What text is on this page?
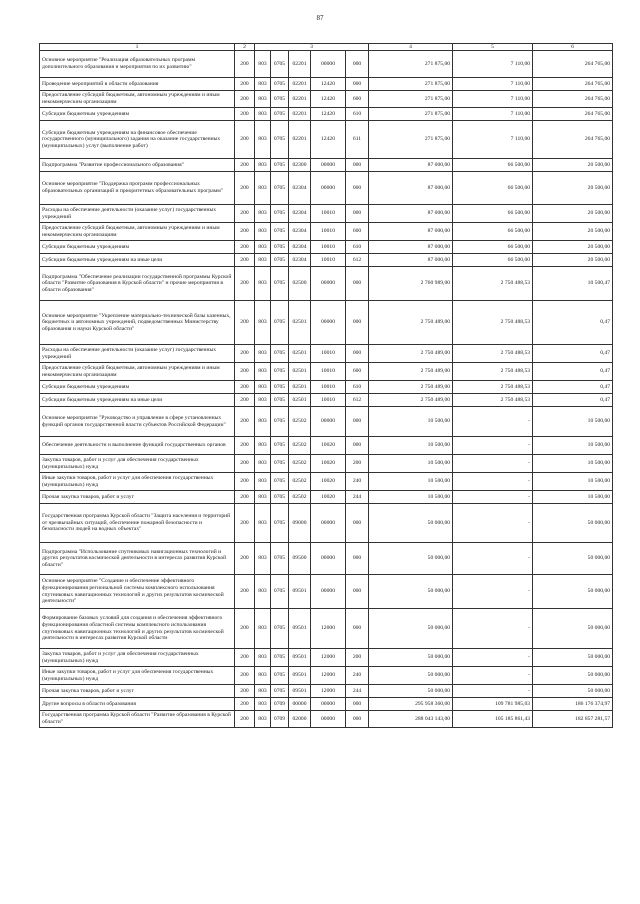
87
1	2	3					4	5	6
Основное мероприятие "Реализация образовательных программ дополнительного образования и мероприятия по их развитию"	200	803	0705	02201	00000	000	271 875,00	7 110,00	264 765,00
Проведение мероприятий в области образования	200	803	0705	02201	12420	000	271 875,00	7 110,00	264 765,00
Предоставление субсидий бюджетным, автономным учреждениям и иным некоммерческим организациям	200	803	0705	02201	12420	600	271 875,00	7 110,00	264 765,00
Субсидии бюджетным учреждениям	200	803	0705	02201	12420	610	271 875,00	7 110,00	264 765,00
Субсидии бюджетным учреждениям на финансовое обеспечение государственного (муниципального) задания на оказание государственных (муниципальных) услуг (выполнение работ)	200	803	0705	02201	12420	611	271 875,00	7 110,00	264 765,00
Подпрограмма "Развитие профессионального образования"	200	803	0705	02300	00000	000	87 000,00	66 500,00	20 500,00
Основное мероприятие "Поддержка программ профессиональных образовательных организаций и приоритетных образовательных программ"	200	803	0705	02304	00000	000	87 000,00	66 500,00	20 500,00
Расходы на обеспечение деятельности (оказание услуг) государственных учреждений	200	803	0705	02304	10010	000	87 000,00	66 500,00	20 500,00
Предоставление субсидий бюджетным, автономным учреждениям и иным некоммерческим организациям	200	803	0705	02304	10010	600	87 000,00	66 500,00	20 500,00
Субсидии бюджетным учреждениям	200	803	0705	02304	10010	610	87 000,00	66 500,00	20 500,00
Субсидии бюджетным учреждениям на иные цели	200	803	0705	02304	10010	612	87 000,00	66 500,00	20 500,00
Подпрограмма "Обеспечение реализации государственной программы Курской области "Развитие образования в Курской области" и прочие мероприятия в области образования"	200	803	0705	02500	00000	000	2 760 989,00	2 750 488,53	10 500,47
Основное мероприятие "Укрепление материально-технической базы казенных, бюджетных и автономных учреждений, подведомственных Министерству образования и науки Курской области"	200	803	0705	02501	00000	000	2 750 489,00	2 750 488,53	0,47
Расходы на обеспечение деятельности (оказание услуг) государственных учреждений	200	803	0705	02501	10010	000	2 750 489,00	2 750 488,53	0,47
Предоставление субсидий бюджетным, автономным учреждениям и иным некоммерческим организациям	200	803	0705	02501	10010	600	2 750 489,00	2 750 488,53	0,47
Субсидии бюджетным учреждениям	200	803	0705	02501	10010	610	2 750 489,00	2 750 488,53	0,47
Субсидии бюджетным учреждениям на иные цели	200	803	0705	02501	10010	612	2 750 489,00	2 750 488,53	0,47
Основное мероприятие "Руководство и управление в сфере установленных функций органов государственной власти субъектов Российской Федерации"	200	803	0705	02502	00000	000	10 500,00	-	10 500,00
Обеспечение деятельности и выполнение функций государственных органов	200	803	0705	02502	10020	000	10 500,00	-	10 500,00
Закупка товаров, работ и услуг для обеспечения государственных (муниципальных) нужд	200	803	0705	02502	10020	200	10 500,00	-	10 500,00
Иные закупки товаров, работ и услуг для обеспечения государственных (муниципальных) нужд	200	803	0705	02502	10020	240	10 500,00	-	10 500,00
Прочая закупка товаров, работ и услуг	200	803	0705	02502	10020	244	10 500,00	-	10 500,00
Государственная программа Курской области "Защита населения и территорий от чрезвычайных ситуаций, обеспечение пожарной безопасности и безопасности людей на водных объектах"	200	803	0705	09000	00000	000	50 000,00	-	50 000,00
Подпрограмма "Использование спутниковых навигационных технологий и других результатов космической деятельности в интересах развития Курской области"	200	803	0705	09500	00000	000	50 000,00	-	50 000,00
Основное мероприятие "Создание и обеспечение эффективного функционирования региональной системы комплексного использования спутниковых навигационных технологий и других результатов космической деятельности"	200	803	0705	09501	00000	000	50 000,00	-	50 000,00
Формирование базовых условий для создания и обеспечения эффективного функционирования областной системы комплексного использования спутниковых навигационных технологий и других результатов космической деятельности в интересах развития Курской области	200	803	0705	09501	12000	000	50 000,00	-	50 000,00
Закупка товаров, работ и услуг для обеспечения государственных (муниципальных) нужд	200	803	0705	09501	12000	200	50 000,00	-	50 000,00
Иные закупки товаров, работ и услуг для обеспечения государственных (муниципальных) нужд	200	803	0705	09501	12000	240	50 000,00	-	50 000,00
Прочая закупка товаров, работ и услуг	200	803	0705	09501	12000	244	50 000,00	-	50 000,00
Другие вопросы в области образования	200	803	0709	00000	00000	000	295 958 360,00	109 781 985,03	186 176 374,97
Государственная программа Курской области "Развитие образования в Курской области"	200	803	0709	02000	00000	000	288 043 143,00	105 185 861,43	182 857 281,57
